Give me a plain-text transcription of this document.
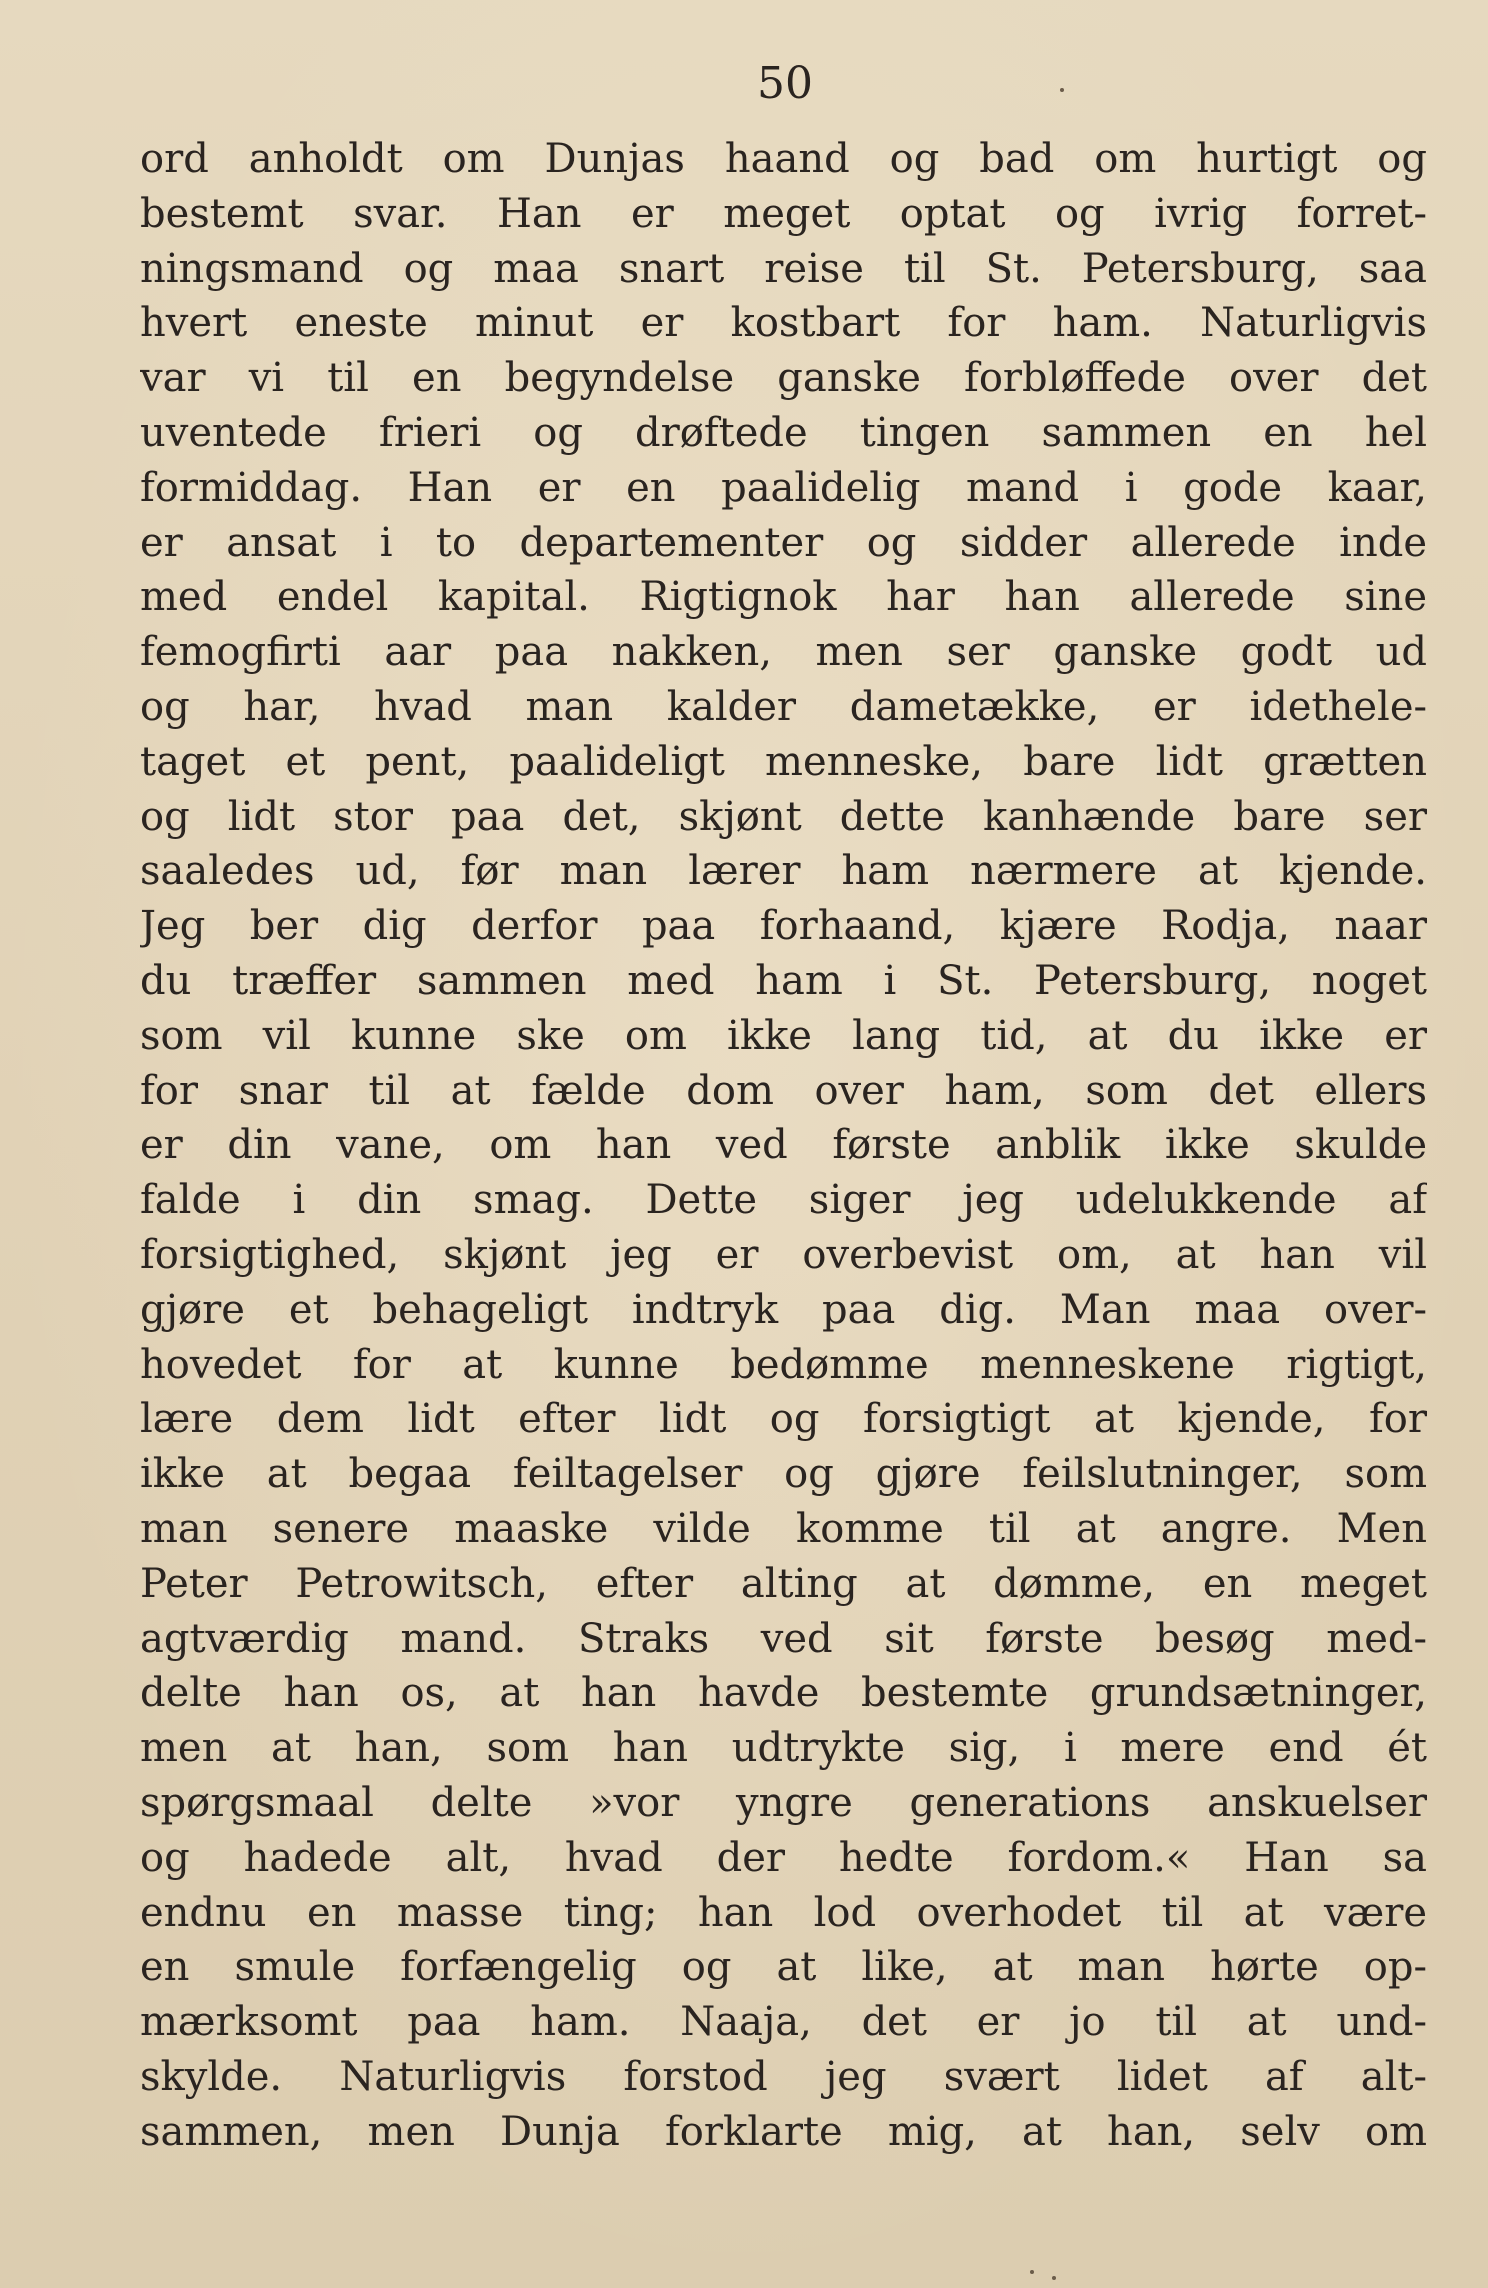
50
ord anholdt om Dunjas haand og bad om hurtigt og
bestemt svar. Han er meget optat og ivrig forret-
ningsmand og maa snart reise til St. Petersburg, saa
hvert eneste minut er kostbart for ham. Naturligvis
var vi til en begyndelse ganske forbløffede over det
uventede frieri og drøftede tingen sammen en hel
formiddag. Han er en paalidelig mand i gode kaar,
er ansat i to departementer og sidder allerede inde
med endel kapital. Rigtignok har han allerede sine
femogfirti aar paa nakken, men ser ganske godt ud
og har, hvad man kalder dametække, er idethele-
taget et pent, paalideligt menneske, bare lidt grætten
og lidt stor paa det, skjønt dette kanhænde bare ser
saaledes ud, før man lærer ham nærmere at kjende.
Jeg ber dig derfor paa forhaand, kjære Rodja, naar
du træffer sammen med ham i St. Petersburg, noget
som vil kunne ske om ikke lang tid, at du ikke er
for snar til at fælde dom over ham, som det ellers
er din vane, om han ved første anblik ikke skulde
falde i din smag. Dette siger jeg udelukkende af
forsigtighed, skjønt jeg er overbevist om, at han vil
gjøre et behageligt indtryk paa dig. Man maa over-
hovedet for at kunne bedømme menneskene rigtigt,
lære dem lidt efter lidt og forsigtigt at kjende, for
ikke at begaa feiltagelser og gjøre feilslutninger, som
man senere maaske vilde komme til at angre. Men
Peter Petrowitsch, efter alting at dømme, en meget
agtværdig mand. Straks ved sit første besøg med-
delte han os, at han havde bestemte grundsætninger,
men at han, som han udtrykte sig, i mere end ét
spørgsmaal delte »vor yngre generations anskuelser
og hadede alt, hvad der hedte fordom.« Han sa
endnu en masse ting; han lod overhodet til at være
en smule forfængelig og at like, at man hørte op-
mærksomt paa ham. Naaja, det er jo til at und-
skylde. Naturligvis forstod jeg svært lidet af alt-
sammen, men Dunja forklarte mig, at han, selv om
